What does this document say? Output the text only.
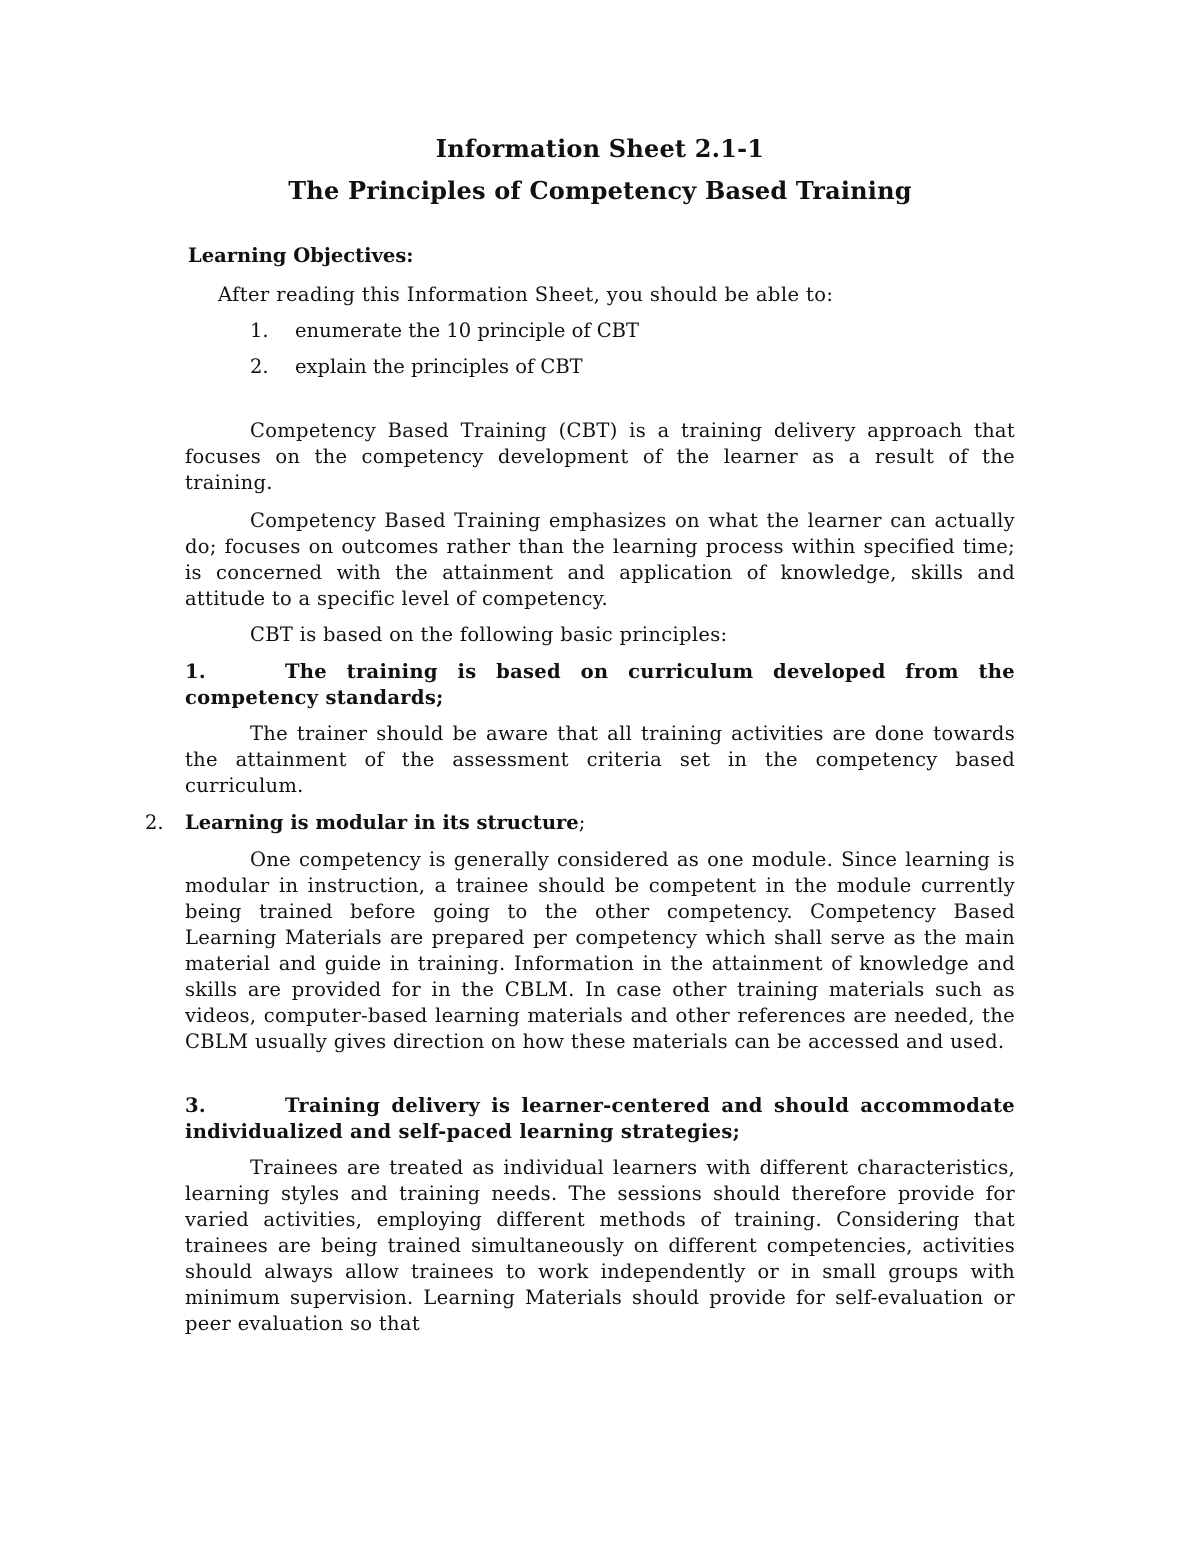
Information Sheet 2.1-1
The Principles of Competency Based Training
Learning Objectives:
After reading this Information Sheet, you should be able to:
1. enumerate the 10 principle of CBT
2. explain the principles of CBT
Competency Based Training (CBT) is a training delivery approach that focuses on the competency development of the learner as a result of the training.
Competency Based Training emphasizes on what the learner can actually do; focuses on outcomes rather than the learning process within specified time; is concerned with the attainment and application of knowledge, skills and attitude to a specific level of competency.
CBT is based on the following basic principles:
1.	The training is based on curriculum developed from the competency standards;
The trainer should be aware that all training activities are done towards the attainment of the assessment criteria set in the competency based curriculum.
2. Learning is modular in its structure;
One competency is generally considered as one module. Since learning is modular in instruction, a trainee should be competent in the module currently being trained before going to the other competency. Competency Based Learning Materials are prepared per competency which shall serve as the main material and guide in training. Information in the attainment of knowledge and skills are provided for in the CBLM. In case other training materials such as videos, computer-based learning materials and other references are needed, the CBLM usually gives direction on how these materials can be accessed and used.
3.	Training delivery is learner-centered and should accommodate individualized and self-paced learning strategies;
Trainees are treated as individual learners with different characteristics, learning styles and training needs. The sessions should therefore provide for varied activities, employing different methods of training. Considering that trainees are being trained simultaneously on different competencies, activities should always allow trainees to work independently or in small groups with minimum supervision. Learning Materials should provide for self-evaluation or peer evaluation so that
